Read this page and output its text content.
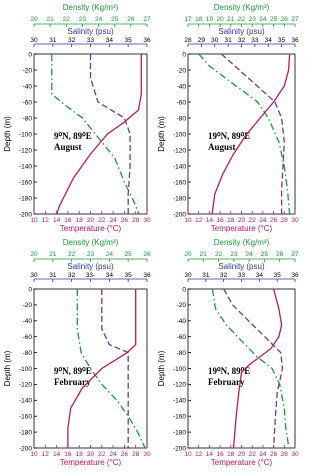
Density (Kg/m³)
20 21 22 23 24 25 26 27
Salinity (psu)
30 31 32 33 34 35 36
10 12 14 16 18 20 22 24 26 28 30
Temperature (°C)
0
-20
-40
-60
-80
-100
-120
-140
-160
-180
-200
Depth (m)	9⁰N, 89⁰E
August
Density (Kg/m³)
17 18 19 20 21 22 23 24 25 26 27
Salinity (psu)
28 29 30 31 32 33 34 35 36
10 12 14 16 18 20 22 24 26 28 30
Temperature (°C)
0
-20
-40
-60
-80
-100
-120
-140
-160
-180
-200
Depth (m)	19⁰N, 89⁰E
August
Density (Kg/m³)
20 21 22 23 24 25 26
Salinity (psu)
30 31 32 33- 34 35 36
10 12 14 16 18 20 22 24 26 28 30
Temperature (°C)
0
-20
-40
-60
-80
-100
-120
-140
-160
-180
-200
Depth (m)	9⁰N, 89⁰E
February
Density (Kg/m³)
20 21 22 23 24 25 26 27
Salinity (psu)
30 31 32 33 34 35 36
10 12 14 16 18 20 22 24 26 28 30
Temperature (°C)
0
-20
-40
-60
-80
-100
-120
-140
-160
-180
-200
Depth (m)	19⁰N, 89⁰E
February
